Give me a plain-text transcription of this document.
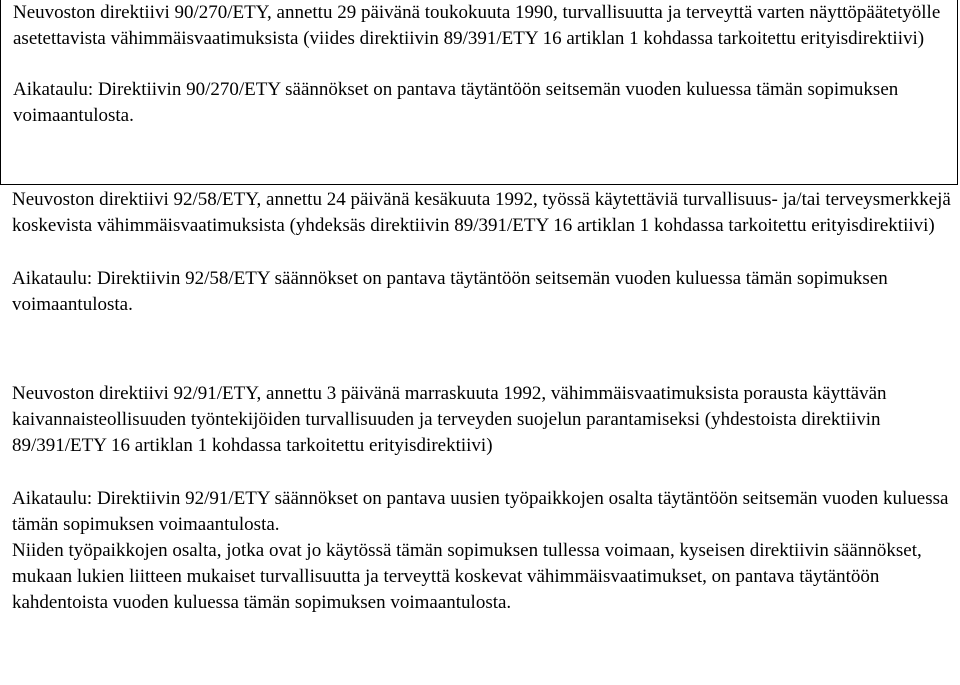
Neuvoston direktiivi 90/270/ETY, annettu 29 päivänä toukokuuta 1990, turvallisuutta ja terveyttä varten näyttöpäätetyölle asetettavista vähimmäisvaatimuksista (viides direktiivin 89/391/ETY 16 artiklan 1 kohdassa tarkoitettu erityisdirektiivi)

Aikataulu: Direktiivin 90/270/ETY säännökset on pantava täytäntöön seitsemän vuoden kuluessa tämän sopimuksen voimaantulosta.

Neuvoston direktiivi 92/58/ETY, annettu 24 päivänä kesäkuuta 1992, työssä käytettäviä turvallisuus- ja/tai terveysmerkkejä koskevista vähimmäisvaatimuksista (yhdeksäs direktiivin 89/391/ETY 16 artiklan 1 kohdassa tarkoitettu erityisdirektiivi)

Aikataulu: Direktiivin 92/58/ETY säännökset on pantava täytäntöön seitsemän vuoden kuluessa tämän sopimuksen voimaantulosta.

Neuvoston direktiivi 92/91/ETY, annettu 3 päivänä marraskuuta 1992, vähimmäisvaatimuksista porausta käyttävän kaivannaisteollisuuden työntekijöiden turvallisuuden ja terveyden suojelun parantamiseksi (yhdestoista direktiivin 89/391/ETY 16 artiklan 1 kohdassa tarkoitettu erityisdirektiivi)

Aikataulu: Direktiivin 92/91/ETY säännökset on pantava uusien työpaikkojen osalta täytäntöön seitsemän vuoden kuluessa tämän sopimuksen voimaantulosta.

Niiden työpaikkojen osalta, jotka ovat jo käytössä tämän sopimuksen tullessa voimaan, kyseisen direktiivin säännökset, mukaan lukien liitteen mukaiset turvallisuutta ja terveyttä koskevat vähimmäisvaatimukset, on pantava täytäntöön kahdentoista vuoden kuluessa tämän sopimuksen voimaantulosta.
